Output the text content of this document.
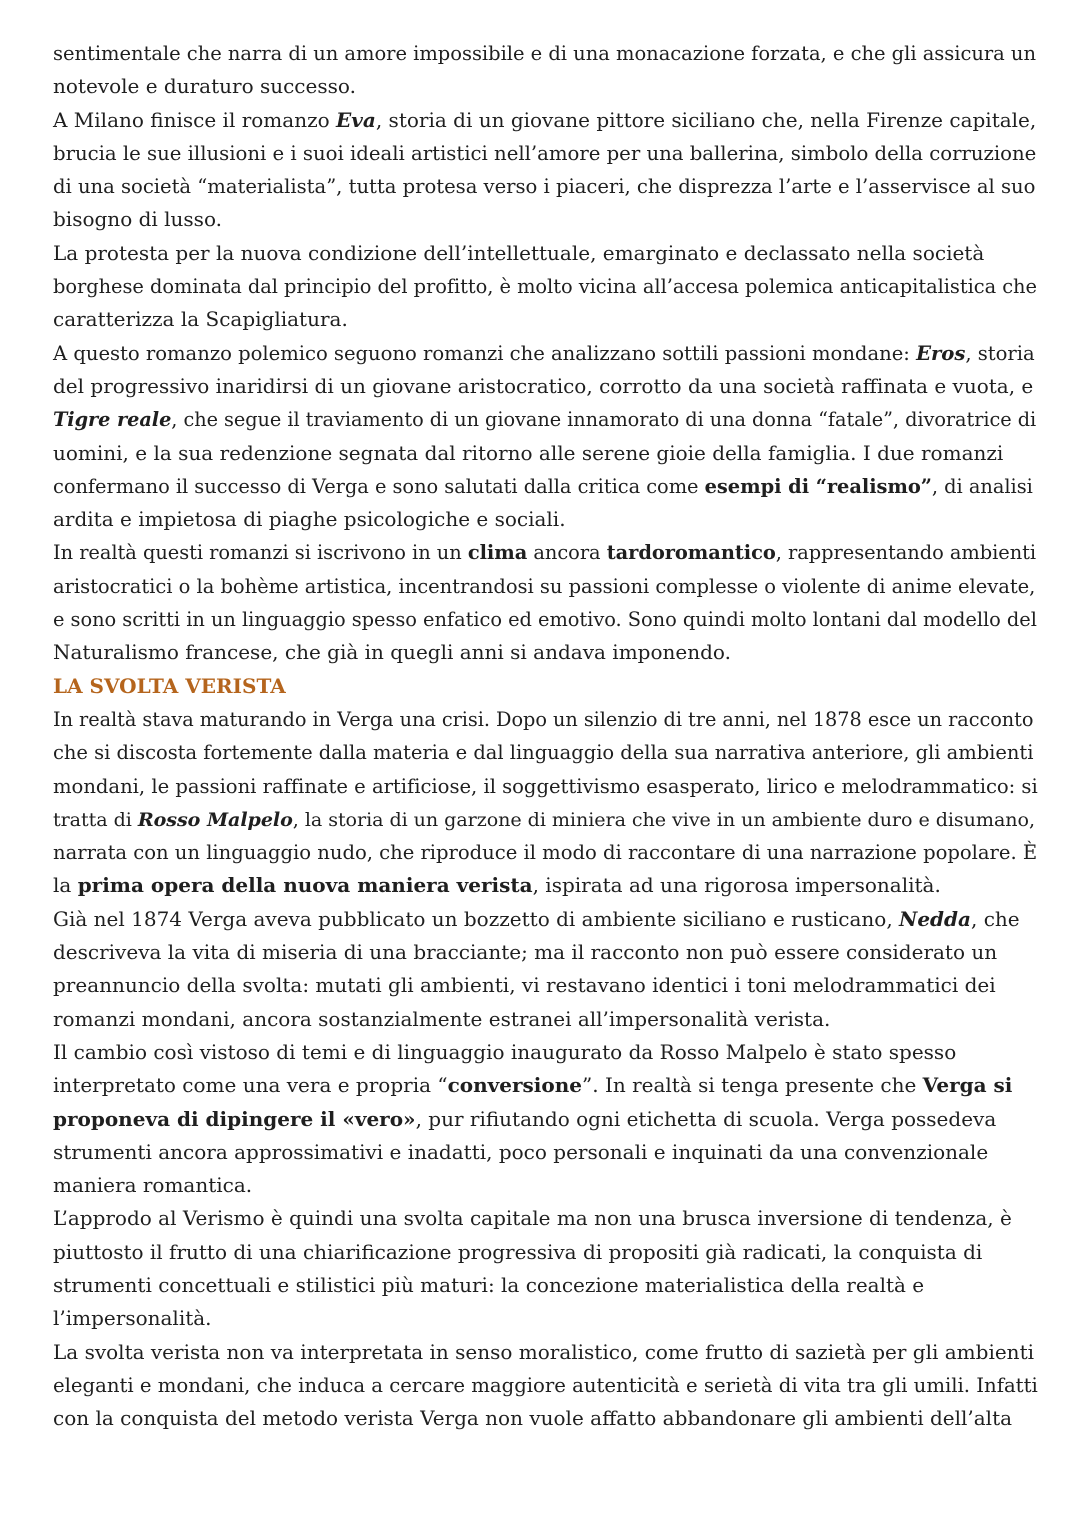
sentimentale che narra di un amore impossibile e di una monacazione forzata, e che gli assicura un
notevole e duraturo successo.
A Milano finisce il romanzo Eva, storia di un giovane pittore siciliano che, nella Firenze capitale,
brucia le sue illusioni e i suoi ideali artistici nell’amore per una ballerina, simbolo della corruzione
di una società “materialista”, tutta protesa verso i piaceri, che disprezza l’arte e l’asservisce al suo
bisogno di lusso.
La protesta per la nuova condizione dell’intellettuale, emarginato e declassato nella società
borghese dominata dal principio del profitto, è molto vicina all’accesa polemica anticapitalistica che
caratterizza la Scapigliatura.
A questo romanzo polemico seguono romanzi che analizzano sottili passioni mondane: Eros, storia
del progressivo inaridirsi di un giovane aristocratico, corrotto da una società raffinata e vuota, e
Tigre reale, che segue il traviamento di un giovane innamorato di una donna “fatale”, divoratrice di
uomini, e la sua redenzione segnata dal ritorno alle serene gioie della famiglia. I due romanzi
confermano il successo di Verga e sono salutati dalla critica come esempi di “realismo”, di analisi
ardita e impietosa di piaghe psicologiche e sociali.
In realtà questi romanzi si iscrivono in un clima ancora tardoromantico, rappresentando ambienti
aristocratici o la bohème artistica, incentrandosi su passioni complesse o violente di anime elevate,
e sono scritti in un linguaggio spesso enfatico ed emotivo. Sono quindi molto lontani dal modello del
Naturalismo francese, che già in quegli anni si andava imponendo.
LA SVOLTA VERISTA
In realtà stava maturando in Verga una crisi. Dopo un silenzio di tre anni, nel 1878 esce un racconto
che si discosta fortemente dalla materia e dal linguaggio della sua narrativa anteriore, gli ambienti
mondani, le passioni raffinate e artificiose, il soggettivismo esasperato, lirico e melodrammatico: si
tratta di Rosso Malpelo, la storia di un garzone di miniera che vive in un ambiente duro e disumano,
narrata con un linguaggio nudo, che riproduce il modo di raccontare di una narrazione popolare. È
la prima opera della nuova maniera verista, ispirata ad una rigorosa impersonalità.
Già nel 1874 Verga aveva pubblicato un bozzetto di ambiente siciliano e rusticano, Nedda, che
descriveva la vita di miseria di una bracciante; ma il racconto non può essere considerato un
preannuncio della svolta: mutati gli ambienti, vi restavano identici i toni melodrammatici dei
romanzi mondani, ancora sostanzialmente estranei all’impersonalità verista.
Il cambio così vistoso di temi e di linguaggio inaugurato da Rosso Malpelo è stato spesso
interpretato come una vera e propria “conversione”. In realtà si tenga presente che Verga si
proponeva di dipingere il «vero», pur rifiutando ogni etichetta di scuola. Verga possedeva
strumenti ancora approssimativi e inadatti, poco personali e inquinati da una convenzionale
maniera romantica.
L’approdo al Verismo è quindi una svolta capitale ma non una brusca inversione di tendenza, è
piuttosto il frutto di una chiarificazione progressiva di propositi già radicati, la conquista di
strumenti concettuali e stilistici più maturi: la concezione materialistica della realtà e
l’impersonalità.
La svolta verista non va interpretata in senso moralistico, come frutto di sazietà per gli ambienti
eleganti e mondani, che induca a cercare maggiore autenticità e serietà di vita tra gli umili. Infatti
con la conquista del metodo verista Verga non vuole affatto abbandonare gli ambienti dell’alta
